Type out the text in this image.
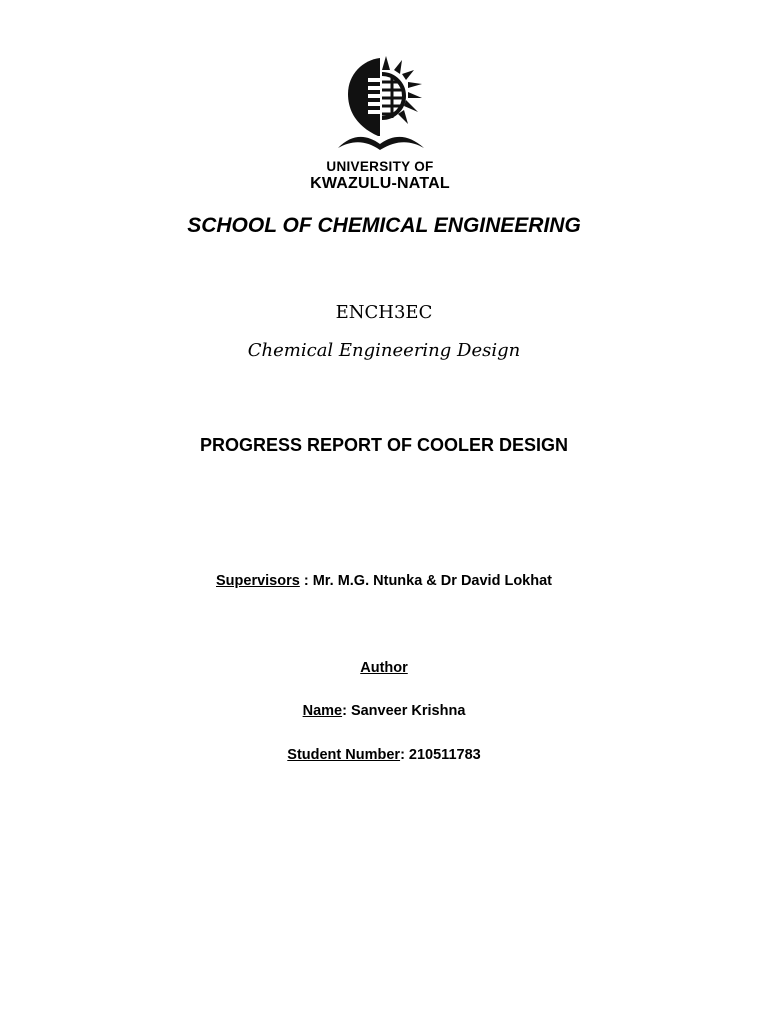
UNIVERSITY OF
KWAZULU-NATAL
SCHOOL OF CHEMICAL ENGINEERING
ENCH3EC
Chemical Engineering Design
PROGRESS REPORT OF COOLER DESIGN
Supervisors : Mr. M.G. Ntunka & Dr David Lokhat
Author
Name: Sanveer Krishna
Student Number: 210511783
